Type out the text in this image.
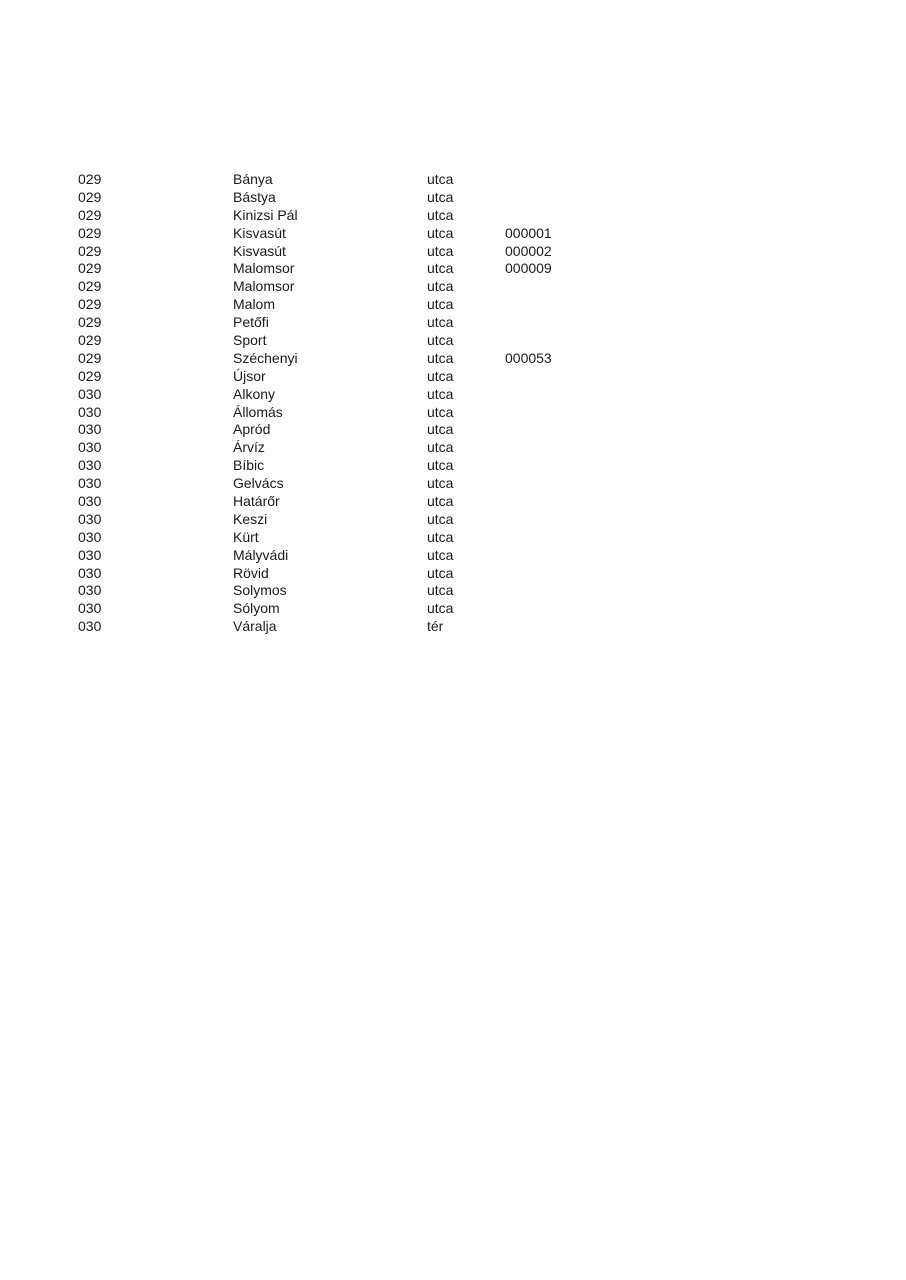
029	Bánya	utca
029	Bástya	utca
029	Kinizsi Pál	utca
029	Kisvasút	utca	000001
029	Kisvasút	utca	000002
029	Malomsor	utca	000009
029	Malomsor	utca
029	Malom	utca
029	Petőfi	utca
029	Sport	utca
029	Széchenyi	utca	000053
029	Újsor	utca
030	Alkony	utca
030	Állomás	utca
030	Apród	utca
030	Árvíz	utca
030	Bíbic	utca
030	Gelvács	utca
030	Határőr	utca
030	Keszi	utca
030	Kürt	utca
030	Mályvádi	utca
030	Rövid	utca
030	Solymos	utca
030	Sólyom	utca
030	Váralja	tér
